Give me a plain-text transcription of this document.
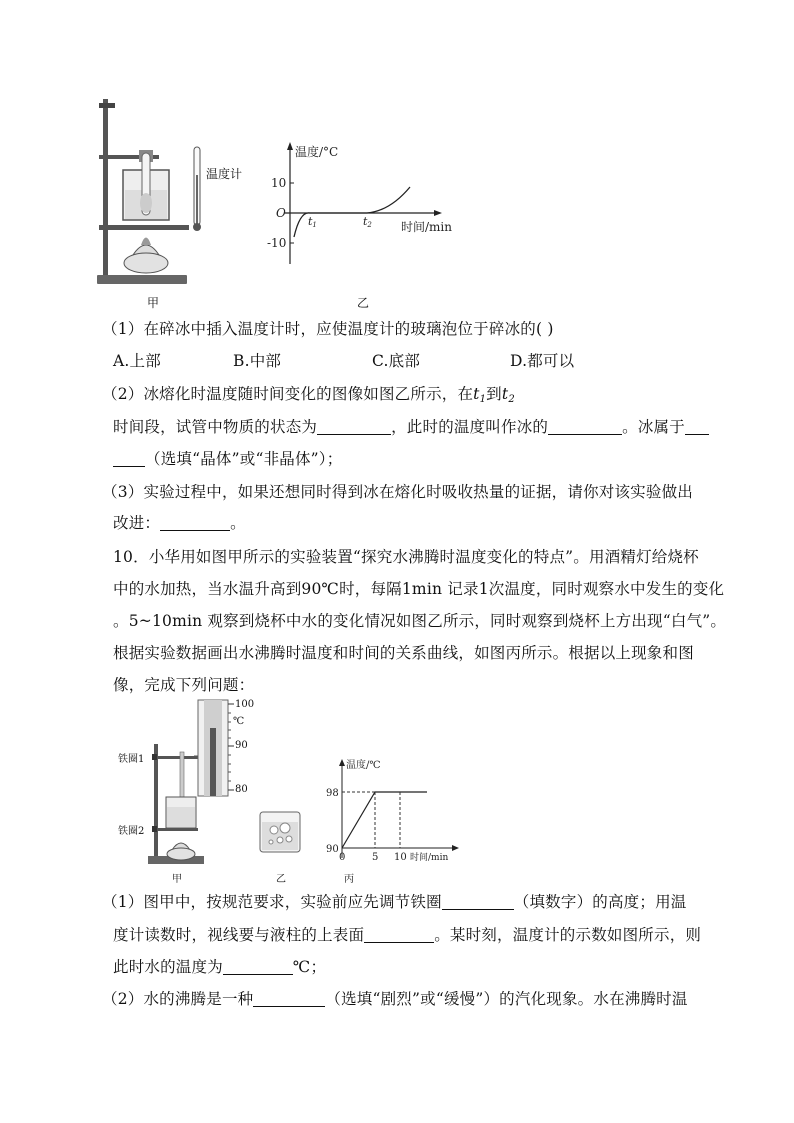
温度计
温度/°C
10
O
-10
t1	t2 时间/min
甲	乙
（1）在碎冰中插入温度计时，应使温度计的玻璃泡位于碎冰的( )
A.上部	B.中部	C.底部	D.都可以
（2）冰熔化时温度随时间变化的图像如图乙所示，在$t_1$到$t_2$
时间段，试管中物质的状态为	，此时的温度叫作冰的	。冰属于
（选填“晶体”或“非晶体”）；
（3）实验过程中，如果还想同时得到冰在熔化时吸收热量的证据，请你对该实验做出
改进：	。
10．小华用如图甲所示的实验装置“探究水沸腾时温度变化的特点”。用酒精灯给烧杯
中的水加热，当水温升高到90℃时，每隔1min 记录1次温度，同时观察水中发生的变化
。5~10min 观察到烧杯中水的变化情况如图乙所示，同时观察到烧杯上方出现“白气”。
根据实验数据画出水沸腾时温度和时间的关系曲线，如图丙所示。根据以上现象和图
像，完成下列问题：
铁圈1
铁圈2
100
℃
90
80
温度/℃
98
90
0	5 10 时间/min
甲	乙	丙
（1）图甲中，按规范要求，实验前应先调节铁圈	（填数字）的高度；用温
度计读数时，视线要与液柱的上表面	。某时刻，温度计的示数如图所示，则
此时水的温度为	℃；
（2）水的沸腾是一种	（选填“剧烈”或“缓慢”）的汽化现象。水在沸腾时温
